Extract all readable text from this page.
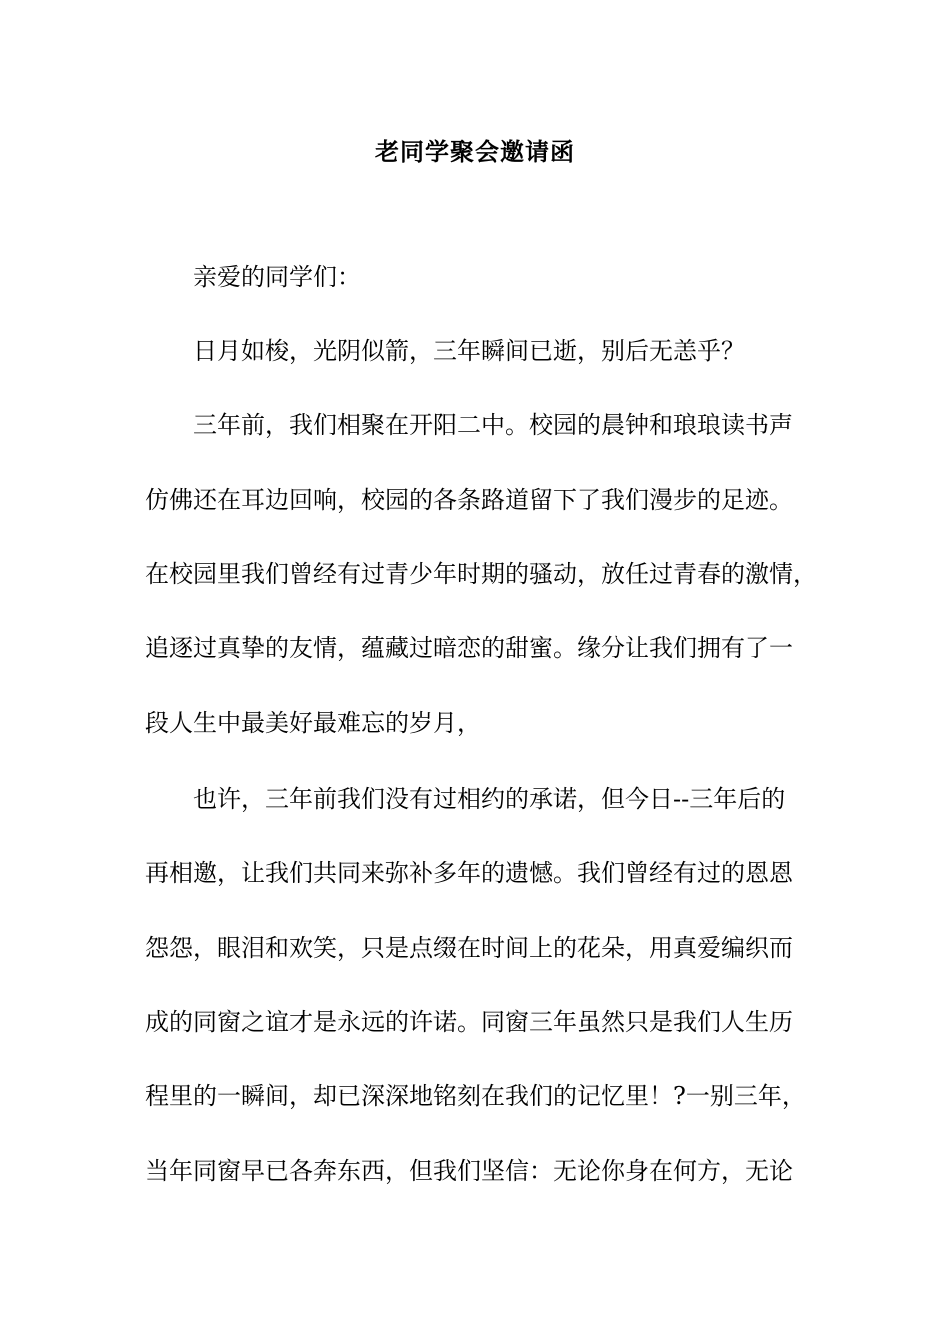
老同学聚会邀请函
亲爱的同学们：
日月如梭，光阴似箭，三年瞬间已逝，别后无恙乎？
三年前，我们相聚在开阳二中。校园的晨钟和琅琅读书声
仿佛还在耳边回响，校园的各条路道留下了我们漫步的足迹。
在校园里我们曾经有过青少年时期的骚动，放任过青春的激情，
追逐过真挚的友情，蕴藏过暗恋的甜蜜。缘分让我们拥有了一
段人生中最美好最难忘的岁月，
也许，三年前我们没有过相约的承诺，但今日--三年后的
再相邀，让我们共同来弥补多年的遗憾。我们曾经有过的恩恩
怨怨，眼泪和欢笑，只是点缀在时间上的花朵，用真爱编织而
成的同窗之谊才是永远的许诺。同窗三年虽然只是我们人生历
程里的一瞬间，却已深深地铭刻在我们的记忆里！?一别三年，
当年同窗早已各奔东西，但我们坚信：无论你身在何方，无论
